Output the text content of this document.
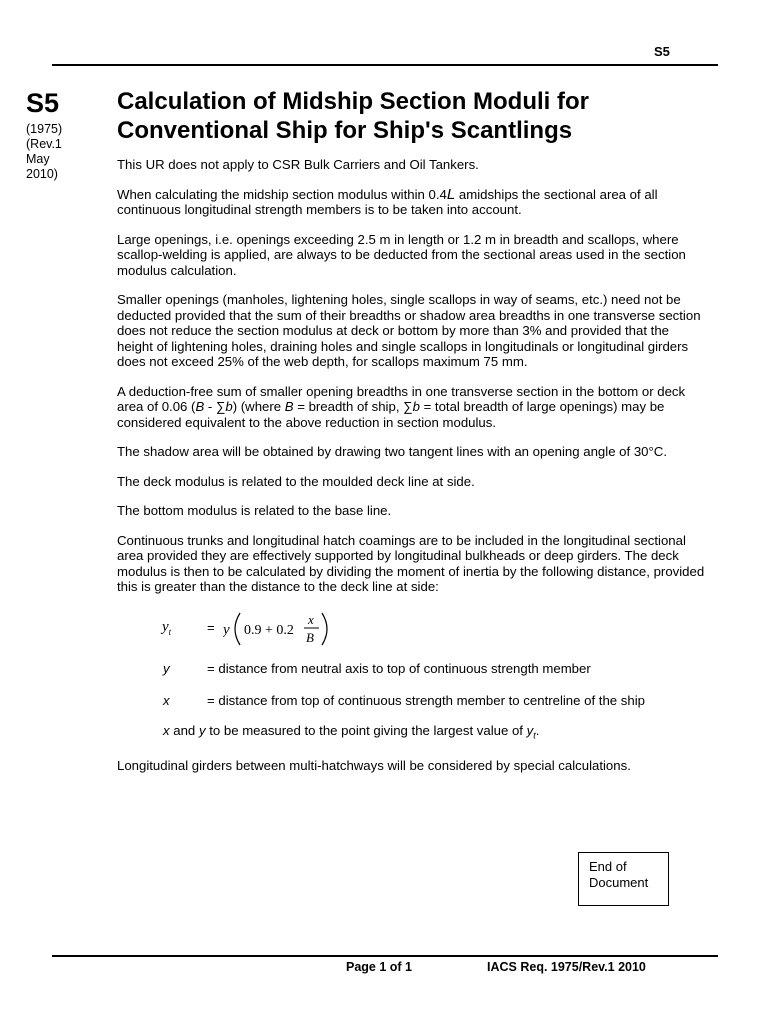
S5
S5
(1975)
(Rev.1
May
2010)
Calculation of Midship Section Moduli for Conventional Ship for Ship's Scantlings

This UR does not apply to CSR Bulk Carriers and Oil Tankers.

When calculating the midship section modulus within 0.4L amidships the sectional area of all continuous longitudinal strength members is to be taken into account.

Large openings, i.e. openings exceeding 2.5 m in length or 1.2 m in breadth and scallops, where scallop-welding is applied, are always to be deducted from the sectional areas used in the section modulus calculation.

Smaller openings (manholes, lightening holes, single scallops in way of seams, etc.) need not be deducted provided that the sum of their breadths or shadow area breadths in one transverse section does not reduce the section modulus at deck or bottom by more than 3% and provided that the height of lightening holes, draining holes and single scallops in longitudinals or longitudinal girders does not exceed 25% of the web depth, for scallops maximum 75 mm.

A deduction-free sum of smaller opening breadths in one transverse section in the bottom or deck area of 0.06 (B - ∑b) (where B = breadth of ship, ∑b = total breadth of large openings) may be considered equivalent to the above reduction in section modulus.

The shadow area will be obtained by drawing two tangent lines with an opening angle of 30°C.

The deck modulus is related to the moulded deck line at side.

The bottom modulus is related to the base line.

Continuous trunks and longitudinal hatch coamings are to be included in the longitudinal sectional area provided they are effectively supported by longitudinal bulkheads or deep girders. The deck modulus is then to be calculated by dividing the moment of inertia by the following distance, provided this is greater than the distance to the deck line at side:

$y_t$	= y 0.9 + 0.2
x
B
y	= distance from neutral axis to top of continuous strength member
x	= distance from top of continuous strength member to centreline of the ship

x and y to be measured to the point giving the largest value of $y_t$.

Longitudinal girders between multi-hatchways will be considered by special calculations.

End of
Document
Page 1 of 1	IACS Req. 1975/Rev.1 2010
